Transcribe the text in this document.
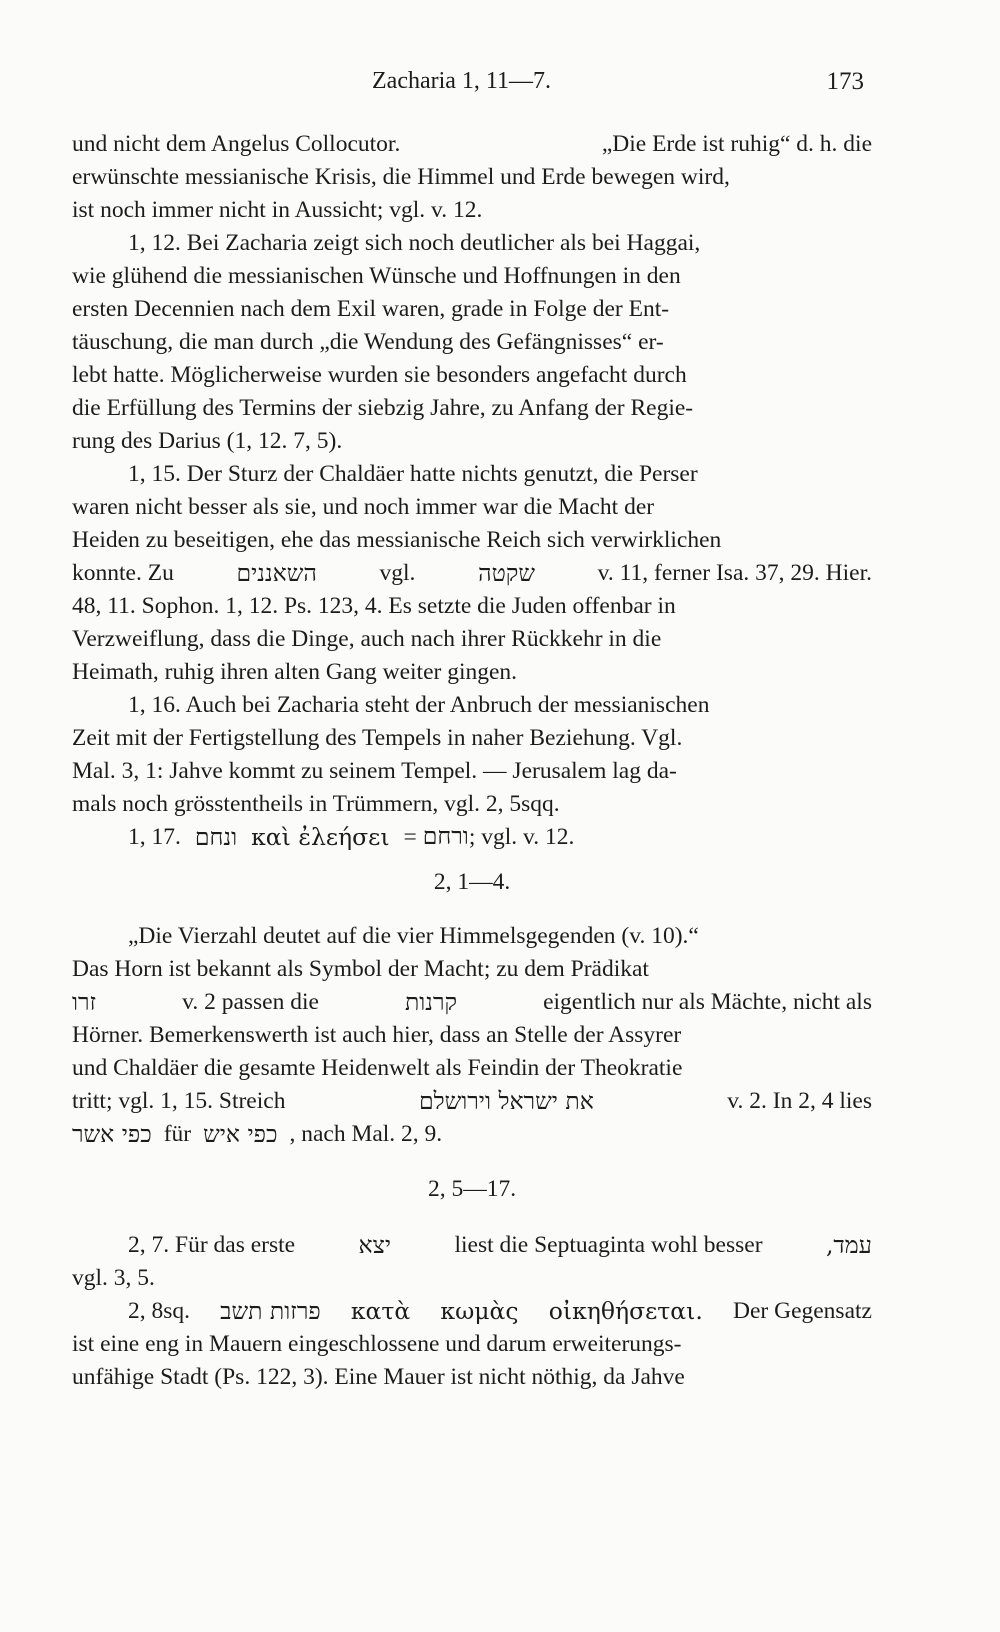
Zacharia 1, 11—7.	173
und nicht dem Angelus Collocutor.	„Die Erde ist ruhig“ d. h. die
erwünschte messianische Krisis, die Himmel und Erde bewegen wird,
ist noch immer nicht in Aussicht; vgl. v. 12.
1, 12. Bei Zacharia zeigt sich noch deutlicher als bei Haggai,
wie glühend die messianischen Wünsche und Hoffnungen in den
ersten Decennien nach dem Exil waren, grade in Folge der Ent-
täuschung, die man durch „die Wendung des Gefängnisses“ er-
lebt hatte. Möglicherweise wurden sie besonders angefacht durch
die Erfüllung des Termins der siebzig Jahre, zu Anfang der Regie-
rung des Darius (1, 12. 7, 5).
1, 15. Der Sturz der Chaldäer hatte nichts genutzt, die Perser
waren nicht besser als sie, und noch immer war die Macht der
Heiden zu beseitigen, ehe das messianische Reich sich verwirklichen
konnte. Zu	השאננים	vgl.	שקטה	v. 11, ferner Isa. 37, 29. Hier.
48, 11. Sophon. 1, 12. Ps. 123, 4. Es setzte die Juden offenbar in
Verzweiflung, dass die Dinge, auch nach ihrer Rückkehr in die
Heimath, ruhig ihren alten Gang weiter gingen.
1, 16. Auch bei Zacharia steht der Anbruch der messianischen
Zeit mit der Fertigstellung des Tempels in naher Beziehung. Vgl.
Mal. 3, 1: Jahve kommt zu seinem Tempel. — Jerusalem lag da-
mals noch grösstentheils in Trümmern, vgl. 2, 5sqq.
1, 17. ונחם καὶ ἐλεήσει = ורחם; vgl. v. 12.
2, 1—4.
„Die Vierzahl deutet auf die vier Himmelsgegenden (v. 10).“
Das Horn ist bekannt als Symbol der Macht; zu dem Prädikat
זרו	v. 2 passen die	קרנות	eigentlich nur als Mächte, nicht als
Hörner. Bemerkenswerth ist auch hier, dass an Stelle der Assyrer
und Chaldäer die gesamte Heidenwelt als Feindin der Theokratie
tritt; vgl. 1, 15. Streich	את ישראל וירושלם	v. 2. In 2, 4 lies
כפי אשר für כפי איש , nach Mal. 2, 9.
2, 5—17.
2, 7. Für das erste	יצא	liest die Septuaginta wohl besser	עמד,
vgl. 3, 5.
2, 8sq. פרזות תשב κατὰ κωμὰς οἰκηθήσεται. Der Gegensatz
ist eine eng in Mauern eingeschlossene und darum erweiterungs-
unfähige Stadt (Ps. 122, 3). Eine Mauer ist nicht nöthig, da Jahve
